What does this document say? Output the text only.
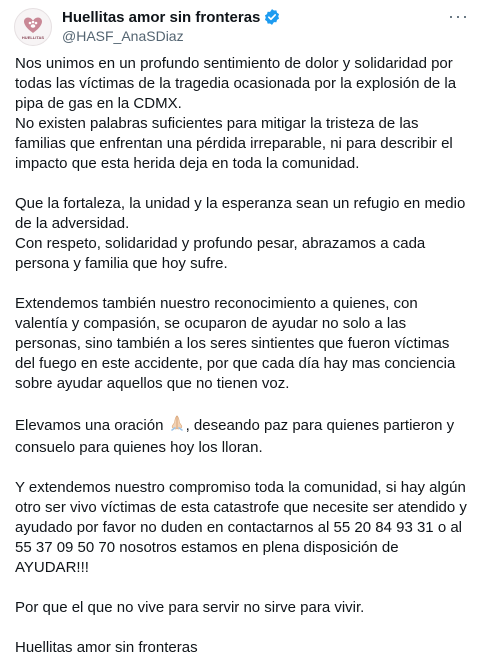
HUELLITAS
Huellitas amor sin fronteras
@HASF_AnaSDiaz
···

Nos unimos en un profundo sentimiento de dolor y solidaridad por todas las víctimas de la tragedia ocasionada por la explosión de la pipa de gas en la CDMX.

No existen palabras suficientes para mitigar la tristeza de las familias que enfrentan una pérdida irreparable, ni para describir el impacto que esta herida deja en toda la comunidad.

Que la fortaleza, la unidad y la esperanza sean un refugio en medio de la adversidad.

Con respeto, solidaridad y profundo pesar, abrazamos a cada persona y familia que hoy sufre.

Extendemos también nuestro reconocimiento a quienes, con valentía y compasión, se ocuparon de ayudar no solo a las personas, sino también a los seres sintientes que fueron víctimas del fuego en este accidente, por que cada día hay mas conciencia sobre ayudar aquellos que no tienen voz.

Elevamos una oración , deseando paz para quienes partieron y consuelo para quienes hoy los lloran.

Y extendemos nuestro compromiso toda la comunidad, si hay algún otro ser vivo víctimas de esta catastrofe que necesite ser atendido y ayudado por favor no duden en contactarnos al 55 20 84 93 31 o al 55 37 09 50 70 nosotros estamos en plena disposición de AYUDAR!!!

Por que el que no vive para servir no sirve para vivir.

Huellitas amor sin fronteras
